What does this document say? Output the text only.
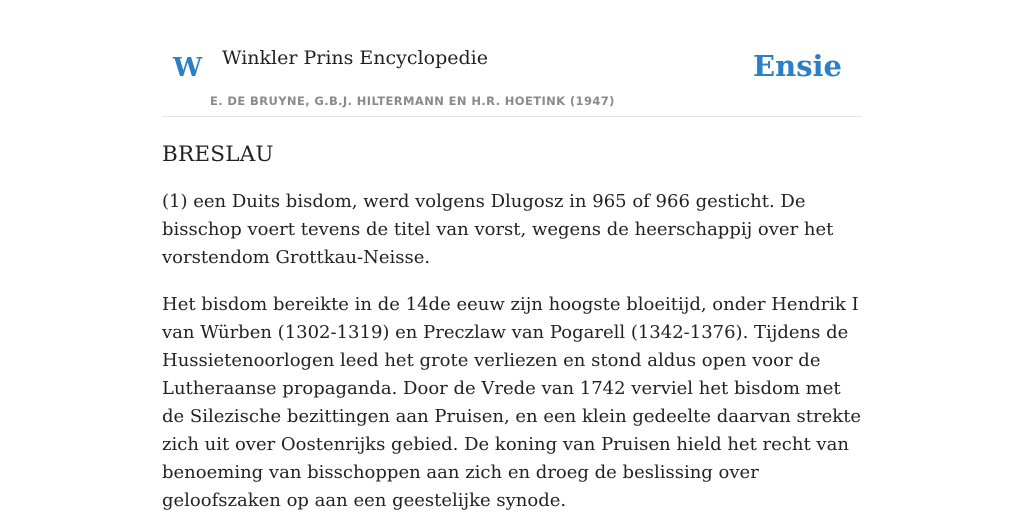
W Winkler Prins Encyclopedie
E. DE BRUYNE, G.B.J. HILTERMANN EN H.R. HOETINK (1947)
Ensie
BRESLAU

(1) een Duits bisdom, werd volgens Dlugosz in 965 of 966 gesticht. De bisschop voert tevens de titel van vorst, wegens de heerschappij over het vorstendom Grottkau-Neisse.

Het bisdom bereikte in de 14de eeuw zijn hoogste bloeitijd, onder Hendrik I van Würben (1302-1319) en Preczlaw van Pogarell (1342-1376). Tijdens de Hussietenoorlogen leed het grote verliezen en stond aldus open voor de Lutheraanse propaganda. Door de Vrede van 1742 verviel het bisdom met de Silezische bezittingen aan Pruisen, en een klein gedeelte daarvan strekte zich uit over Oostenrijks gebied. De koning van Pruisen hield het recht van benoeming van bisschoppen aan zich en droeg de beslissing over geloofszaken op aan een geestelijke synode.
